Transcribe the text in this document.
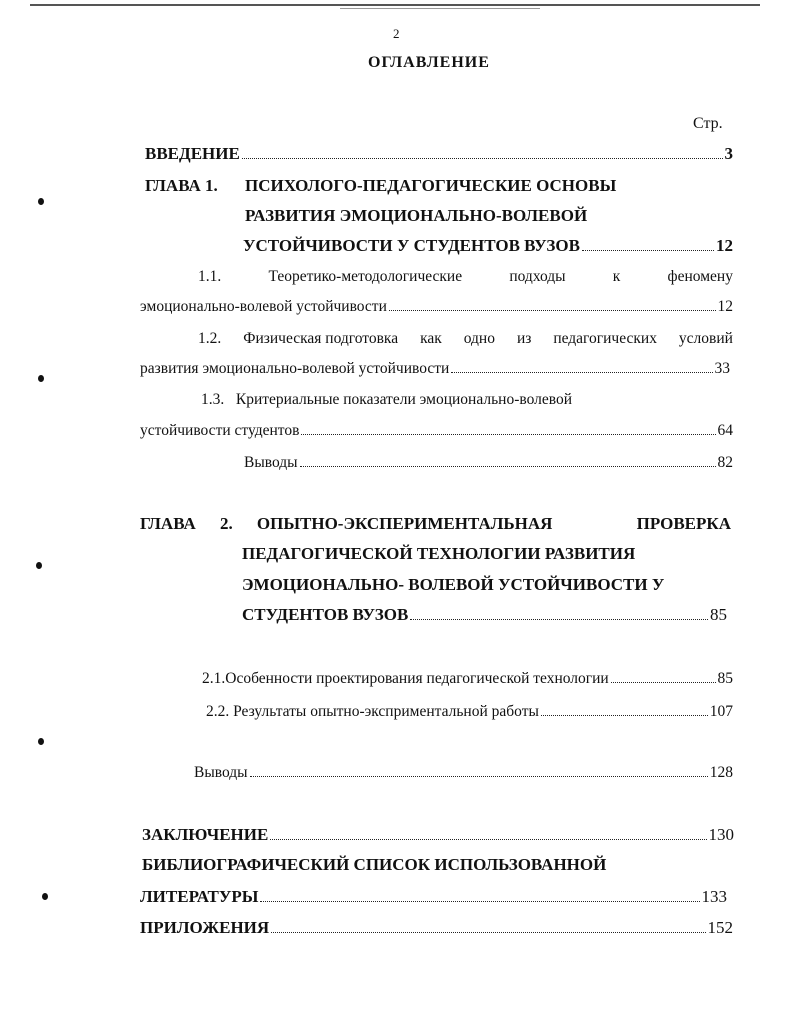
2
ОГЛАВЛЕНИЕ
Стр.
ВВЕДЕНИЕ	3
ГЛАВА 1. ПСИХОЛОГО-ПЕДАГОГИЧЕСКИЕ ОСНОВЫ
РАЗВИТИЯ ЭМОЦИОНАЛЬНО-ВОЛЕВОЙ
УСТОЙЧИВОСТИ У СТУДЕНТОВ ВУЗОВ	12
1.1.	Теоретико-методологические	подходы	к	феномену
эмоционально-волевой устойчивости	12
1.2. Физическая подготовка как одно из педагогических условий
развития эмоционально-волевой устойчивости	33
1.3.   Критериальные показатели эмоционально-волевой
устойчивости студентов	64
Выводы	82
ГЛАВА 2. ОПЫТНО-ЭКСПЕРИМЕНТАЛЬНАЯ	ПРОВЕРКА
ПЕДАГОГИЧЕСКОЙ ТЕХНОЛОГИИ РАЗВИТИЯ
ЭМОЦИОНАЛЬНО- ВОЛЕВОЙ УСТОЙЧИВОСТИ У
СТУДЕНТОВ ВУЗОВ	85
2.1.Особенности проектирования педагогической технологии	85
2.2. Результаты опытно-эксприментальной работы	107
Выводы	128
ЗАКЛЮЧЕНИЕ	130
БИБЛИОГРАФИЧЕСКИЙ СПИСОК ИСПОЛЬЗОВАННОЙ
ЛИТЕРАТУРЫ	133
ПРИЛОЖЕНИЯ	152
